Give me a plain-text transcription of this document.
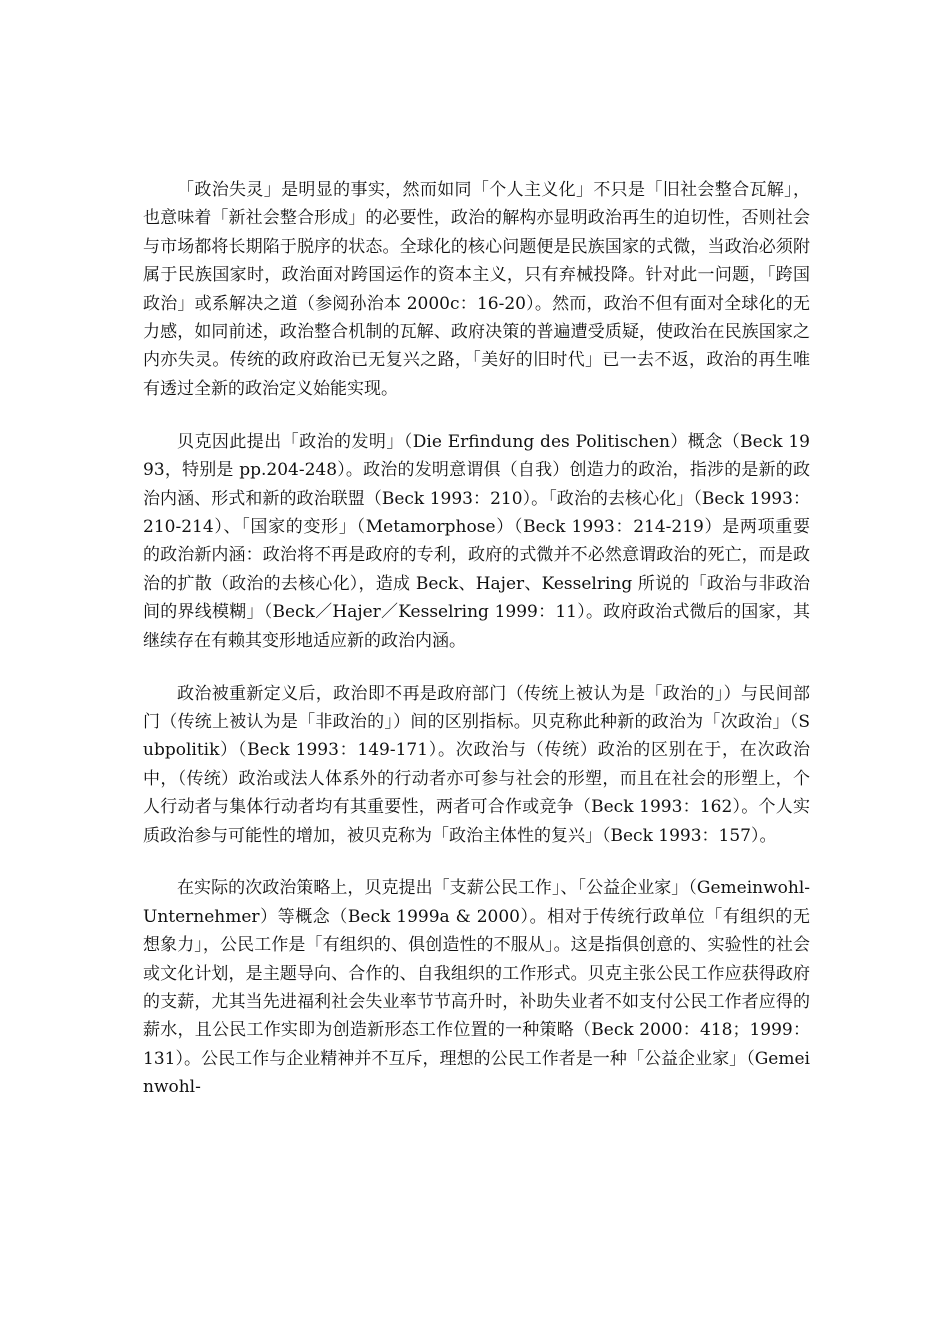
「政治失灵」是明显的事实，然而如同「个人主义化」不只是「旧社会整合瓦解」，也意味着「新社会整合形成」的必要性，政治的解构亦显明政治再生的迫切性，否则社会与市场都将长期陷于脱序的状态。全球化的核心问题便是民族国家的式微，当政治必须附属于民族国家时，政治面对跨国运作的资本主义，只有弃械投降。针对此一问题，「跨国政治」或系解决之道（参阅孙治本 2000c：16-20）。然而，政治不但有面对全球化的无力感，如同前述，政治整合机制的瓦解、政府决策的普遍遭受质疑，使政治在民族国家之内亦失灵。传统的政府政治已无复兴之路，「美好的旧时代」已一去不返，政治的再生唯有透过全新的政治定义始能实现。

贝克因此提出「政治的发明」（Die Erfindung des Politischen）概念（Beck 1993，特别是 pp.204-248）。政治的发明意谓俱（自我）创造力的政治，指涉的是新的政治内涵、形式和新的政治联盟（Beck 1993：210）。「政治的去核心化」（Beck 1993：210-214）、「国家的变形」（Metamorphose）（Beck 1993：214-219）是两项重要的政治新内涵：政治将不再是政府的专利，政府的式微并不必然意谓政治的死亡，而是政治的扩散（政治的去核心化），造成 Beck、Hajer、Kesselring 所说的「政治与非政治间的界线模糊」（Beck／Hajer／Kesselring 1999：11）。政府政治式微后的国家，其继续存在有赖其变形地适应新的政治内涵。

政治被重新定义后，政治即不再是政府部门（传统上被认为是「政治的」）与民间部门（传统上被认为是「非政治的」）间的区别指标。贝克称此种新的政治为「次政治」（Subpolitik）（Beck 1993：149-171）。次政治与（传统）政治的区别在于，在次政治中，（传统）政治或法人体系外的行动者亦可参与社会的形塑，而且在社会的形塑上，个人行动者与集体行动者均有其重要性，两者可合作或竞争（Beck 1993：162）。个人实质政治参与可能性的增加，被贝克称为「政治主体性的复兴」（Beck 1993：157）。

在实际的次政治策略上，贝克提出「支薪公民工作」、「公益企业家」（Gemeinwohl-Unternehmer）等概念（Beck 1999a & 2000）。相对于传统行政单位「有组织的无想象力」，公民工作是「有组织的、俱创造性的不服从」。这是指俱创意的、实验性的社会或文化计划，是主题导向、合作的、自我组织的工作形式。贝克主张公民工作应获得政府的支薪，尤其当先进福利社会失业率节节高升时，补助失业者不如支付公民工作者应得的薪水，且公民工作实即为创造新形态工作位置的一种策略（Beck 2000：418；1999：131）。公民工作与企业精神并不互斥，理想的公民工作者是一种「公益企业家」（Gemeinwohl-
